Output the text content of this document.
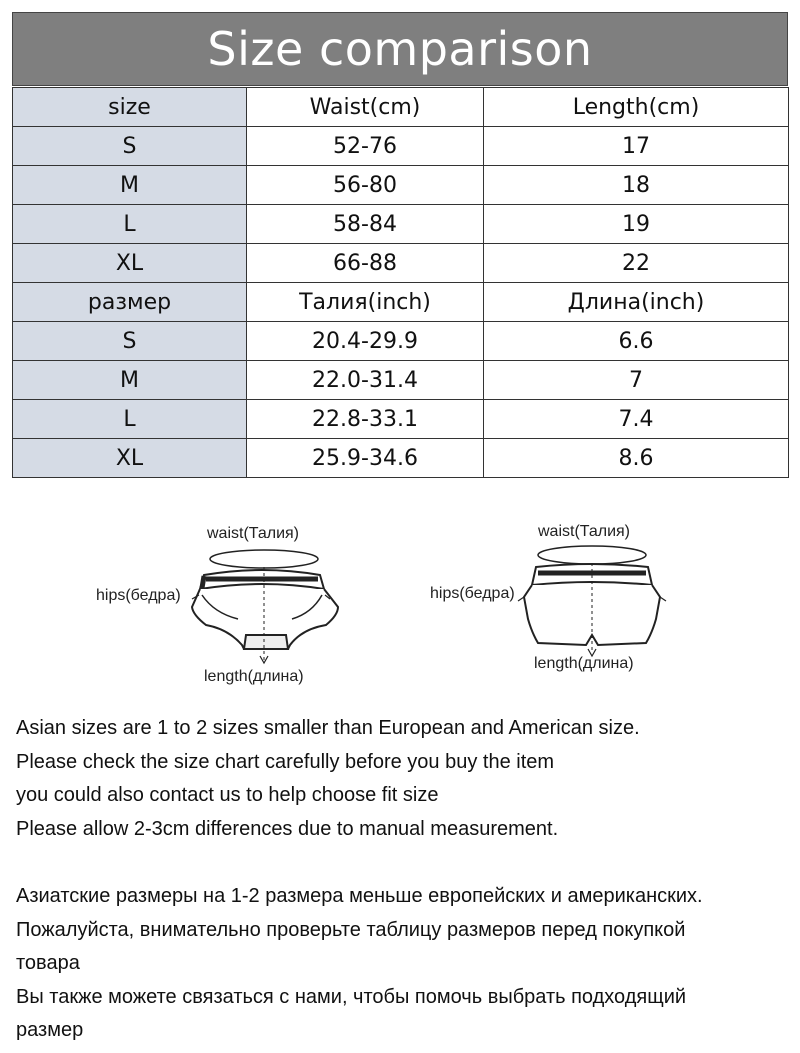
Size comparison
size	Waist(cm)	Length(cm)
S	52-76	17
M	56-80	18
L	58-84	19
XL	66-88	22
размер	Талия(inch)	Длина(inch)
S	20.4-29.9	6.6
M	22.0-31.4	7
L	22.8-33.1	7.4
XL	25.9-34.6	8.6
waist(Талия)
hips(бедра)
length(длина)
waist(Талия)
hips(бедра)
length(длина)
Asian sizes are 1 to 2 sizes smaller than European and American size.
Please check the size chart carefully before you buy the item
you could also contact us to help choose fit size
Please allow 2-3cm differences due to manual measurement.
Азиатские размеры на 1-2 размера меньше европейских и американских.
Пожалуйста, внимательно проверьте таблицу размеров перед покупкой
товара
Вы также можете связаться с нами, чтобы помочь выбрать подходящий
размер
